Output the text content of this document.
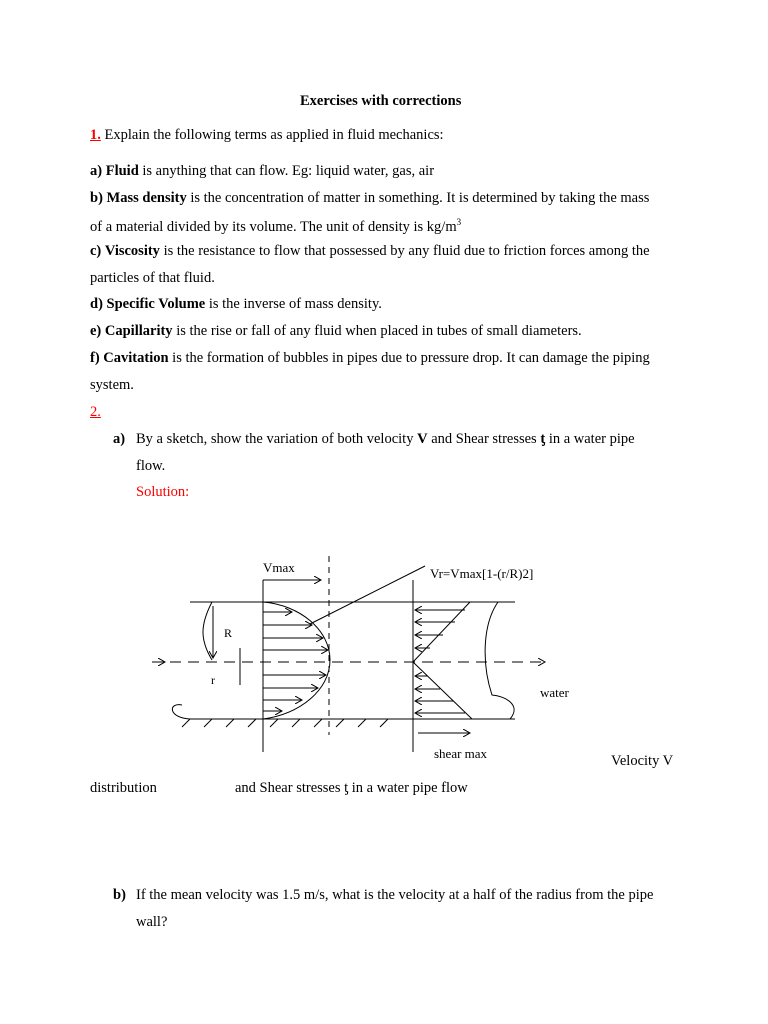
Exercises with corrections
1. Explain the following terms as applied in fluid mechanics:
a) Fluid is anything that can flow. Eg: liquid water, gas, air
b) Mass density is the concentration of matter in something. It is determined by taking the mass
of a material divided by its volume. The unit of density is $kg/m^3$
c) Viscosity is the resistance to flow that possessed by any fluid due to friction forces among the
particles of that fluid.
d) Specific Volume is the inverse of mass density.
e) Capillarity is the rise or fall of any fluid when placed in tubes of small diameters.
f) Cavitation is the formation of bubbles in pipes due to pressure drop. It can damage the piping
system.
2.
a) By a sketch, show the variation of both velocity V and Shear stresses ƫ in a water pipe
flow.
Solution:
Vmax	Vr=Vmax[1-(r/R)2]
R
r
water
shear max	Velocity V
distribution	and Shear stresses ƫ in a water pipe flow
b) If the mean velocity was 1.5 m/s, what is the velocity at a half of the radius from the pipe
wall?
